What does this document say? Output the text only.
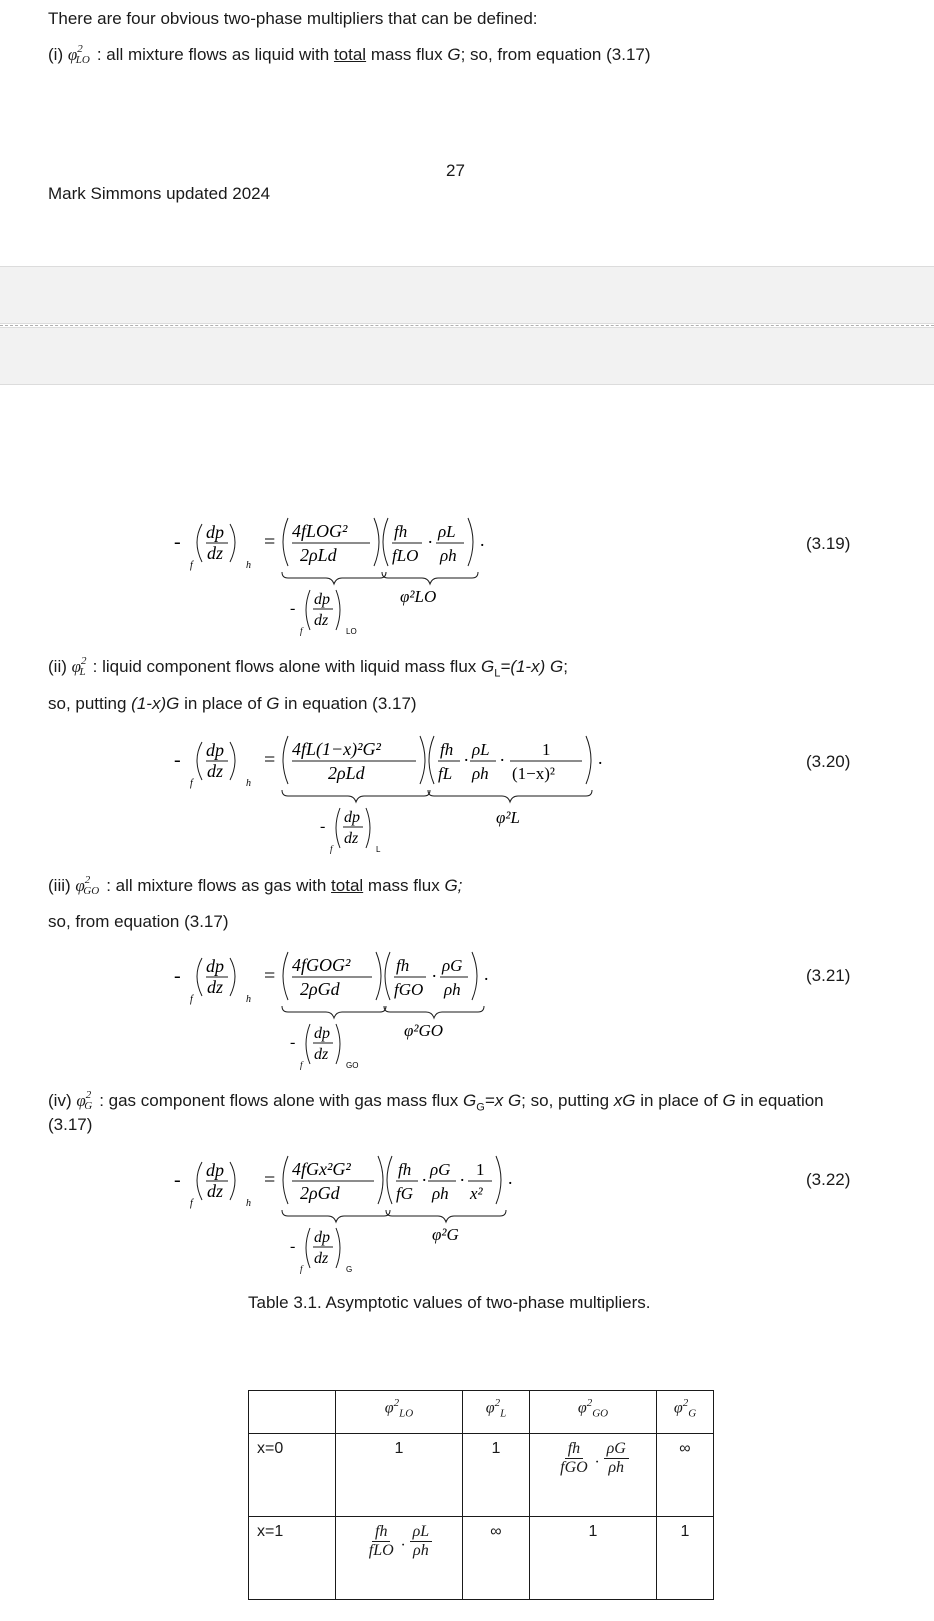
There are four obvious two-phase multipliers that can be defined:
(i) $\varphi^2LO$ : all mixture flows as liquid with total mass flux G; so, from equation (3.17)
27
Mark Simmons updated 2024
- dp
dz
f	h
= 4fLOG²
2ρLd
fh
fLO
. ρL
ρh
.
-
dp
dz
f	LO
φ²LO
(3.19)
(ii) $\varphi^2L$ : liquid component flows alone with liquid mass flux $G_L=(1-x)$ G;
so, putting (1-x)G in place of G in equation (3.17)
- dp
dz
f	h
= 4fL(1−x)²G²
2ρLd
fh
fL
. ρL
ρh
. 1
(1−x)²
.
-
dp
dz
f	L
φ²L
(3.20)
(iii) $\varphi^2GO$ : all mixture flows as gas with total mass flux G;
so, from equation (3.17)
- dp
dz
f	h
= 4fGOG²
2ρGd
fh
fGO
. ρG
ρh
.
-
dp
dz
f	GO
φ²GO
(3.21)
(iv) $\varphi^2G$ : gas component flows alone with gas mass flux $G_G=x$ G; so, putting xG in place of G in equation
(3.17)
- dp
dz
f	h
= 4fGx²G²
2ρGd
fh
fG
. ρG
ρh
. 1
x²
.
-
dp
dz
f	G
φ²G
(3.22)
Table 3.1. Asymptotic values of two-phase multipliers.
	$\varphi^2_{LO}$	$\varphi^2_L$	$\varphi^2_{GO}$	$\varphi^2_G$
x=0	1	1	$\frac{fh}{\text{fGO}}$ . $\frac{\rho G}{\rho h}$	∞
x=1	$\frac{fh}{\text{fLO}}$ . $\frac{\rho L}{\rho h}$	∞	1	1
